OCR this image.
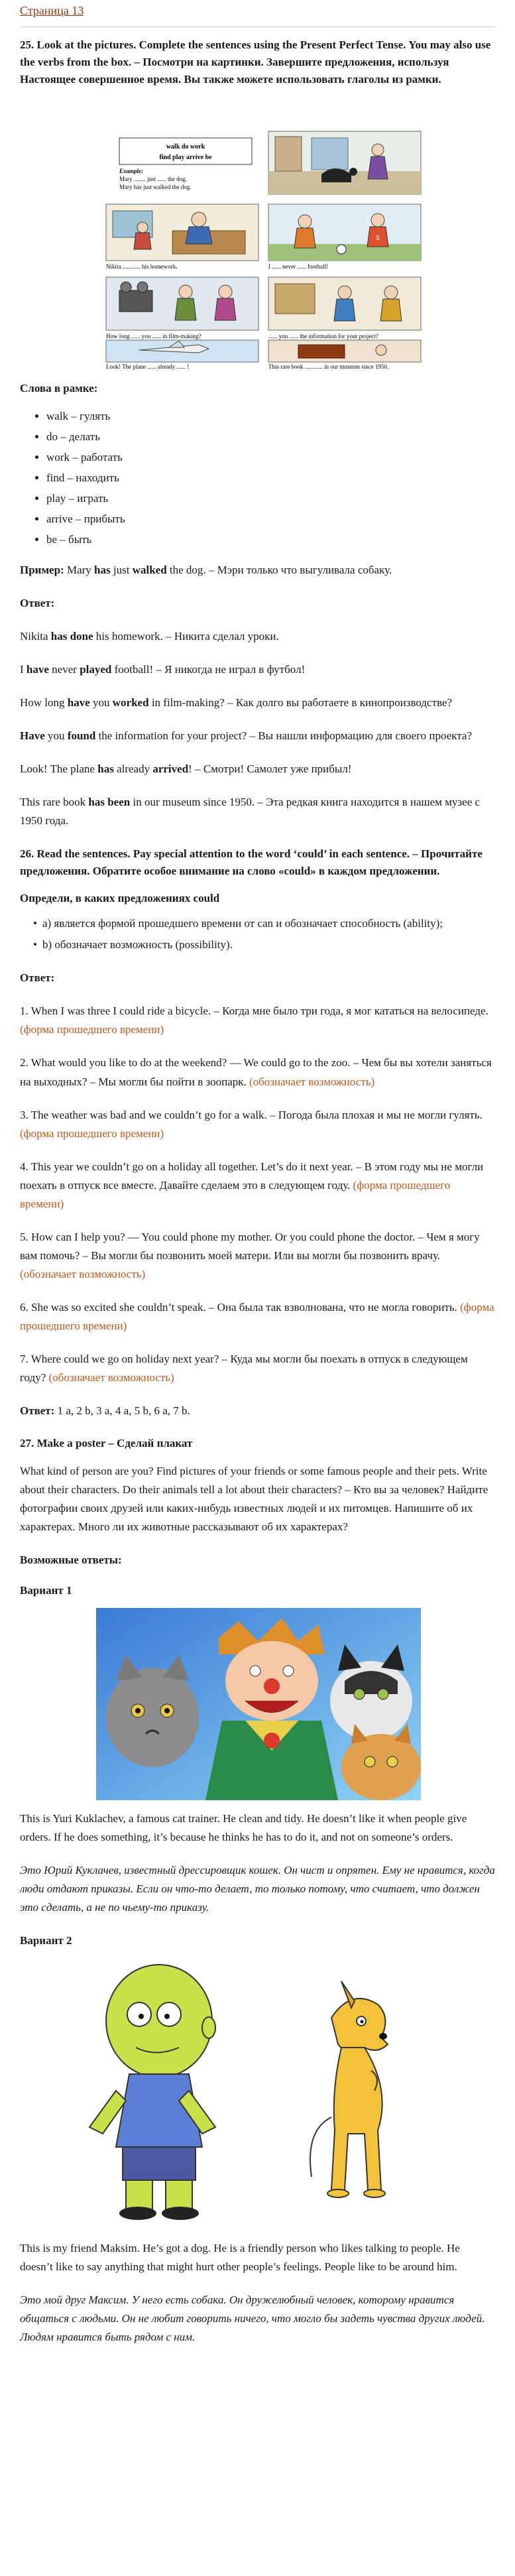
Страница 13
25. Look at the pictures. Complete the sentences using the Present Perfect Tense. You may also use the verbs from the box. – Посмотри на картинки. Завершите предложения, используя Настоящее совершенное время. Вы также можете использовать глаголы из рамки.
walk do work
find play arrive be
Example:
Mary ........ just ...... the dog.
Mary has just walked the dog.
Nikita ............ his homework.
5
I ...... never ...... football!
How long ...... you ...... in film-making?	...... you ...... the information for your project?
Look! The plane ...... already ...... !	This rare book ............ in our museum since 1950.

Слова в рамке:

• walk – гулять
• do – делать
• work – работать
• find – находить
• play – играть
• arrive – прибыть
• be – быть

Пример: Mary has just walked the dog. – Мэри только что выгуливала собаку.

Ответ:

Nikita has done his homework. – Никита сделал уроки.

I have never played football! – Я никогда не играл в футбол!

How long have you worked in film-making? – Как долго вы работаете в кинопроизводстве?

Have you found the information for your project? – Вы нашли информацию для своего проекта?

Look! The plane has already arrived! – Смотри! Самолет уже прибыл!

This rare book has been in our museum since 1950. – Эта редкая книга находится в нашем музее с 1950 года.

26. Read the sentences. Pay special attention to the word ‘could’ in each sentence. – Прочитайте предложения. Обратите особое внимание на слово «could» в каждом предложении.

Определи, в каких предложениях could

• a) является формой прошедшего времени от can и обозначает способность (ability);
• b) обозначает возможность (possibility).

Ответ:

1. When I was three I could ride a bicycle. – Когда мне было три года, я мог кататься на велосипеде. (форма прошедшего времени)

2. What would you like to do at the weekend? — We could go to the zoo. – Чем бы вы хотели заняться на выходных? – Мы могли бы пойти в зоопарк. (обозначает возможность)

3. The weather was bad and we couldn’t go for a walk. – Погода была плохая и мы не могли гулять. (форма прошедшего времени)

4. This year we couldn’t go on a holiday all together. Let’s do it next year. – В этом году мы не могли поехать в отпуск все вместе. Давайте сделаем это в следующем году. (форма прошедшего времени)

5. How can I help you? — You could phone my mother. Or you could phone the doctor. – Чем я могу вам помочь? – Вы могли бы позвонить моей матери. Или вы могли бы позвонить врачу. (обозначает возможность)

6. She was so excited she couldn’t speak. – Она была так взволнована, что не могла говорить. (форма прошедшего времени)

7. Where could we go on holiday next year? – Куда мы могли бы поехать в отпуск в следующем году? (обозначает возможность)

Ответ: 1 a, 2 b, 3 a, 4 a, 5 b, 6 a, 7 b.

27. Make a poster – Сделай плакат

What kind of person are you? Find pictures of your friends or some famous people and their pets. Write about their characters. Do their animals tell a lot about their characters? – Кто вы за человек? Найдите фотографии своих друзей или каких-нибудь известных людей и их питомцев. Напишите об их характерах. Много ли их животные рассказывают об их характерах?

Возможные ответы:

Вариант 1

This is Yuri Kuklachev, a famous cat trainer. He clean and tidy. He doesn’t like it when people give orders. If he does something, it’s because he thinks he has to do it, and not on someone’s orders.

Это Юрий Куклачев, известный дрессировщик кошек. Он чист и опрятен. Ему не нравится, когда люди отдают приказы. Если он что-то делает, то только потому, что считает, что должен это сделать, а не по чьему-то приказу.

Вариант 2

This is my friend Maksim. He’s got a dog. He is a friendly person who likes talking to people. He doesn’t like to say anything that might hurt other people’s feelings. People like to be around him.

Это мой друг Максим. У него есть собака. Он дружелюбный человек, которому нравится общаться с людьми. Он не любит говорить ничего, что могло бы задеть чувства других людей. Людям нравится быть рядом с ним.
